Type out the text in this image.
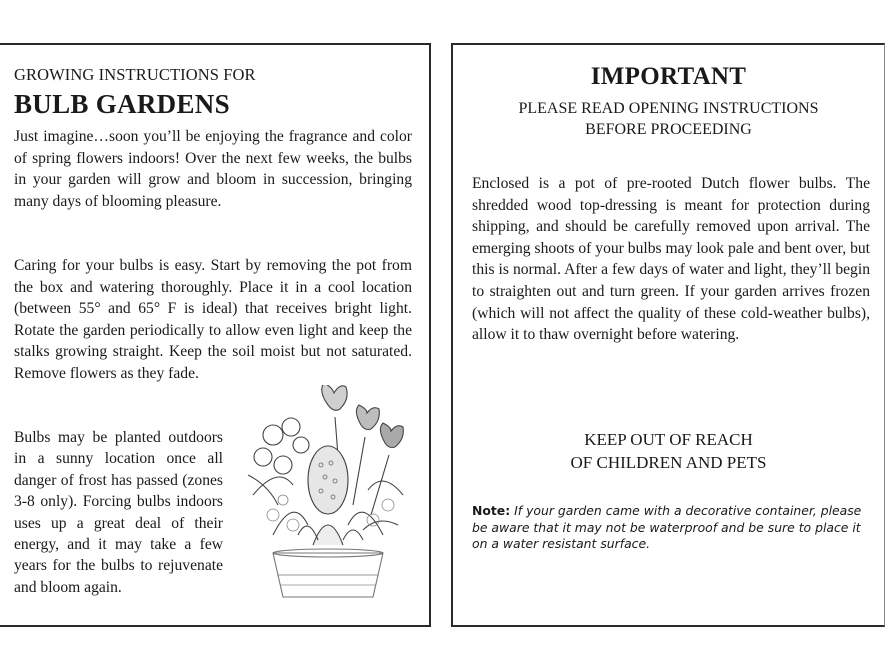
GROWING INSTRUCTIONS FOR
BULB GARDENS
Just imagine…soon you’ll be enjoying the fragrance and color of spring flowers indoors! Over the next few weeks, the bulbs in your garden will grow and bloom in succession, bringing many days of blooming pleasure.
Caring for your bulbs is easy. Start by removing the pot from the box and watering thoroughly. Place it in a cool location (between 55° and 65° F is ideal) that receives bright light. Rotate the garden periodically to allow even light and keep the stalks growing straight. Keep the soil moist but not saturated. Remove flowers as they fade.
Bulbs may be planted outdoors in a sunny location once all danger of frost has passed (zones 3-8 only). Forcing bulbs indoors uses up a great deal of their energy, and it may take a few years for the bulbs to rejuvenate and bloom again.
IMPORTANT
PLEASE READ OPENING INSTRUCTIONS
BEFORE PROCEEDING
Enclosed is a pot of pre-rooted Dutch flower bulbs. The shredded wood top-dressing is meant for protection during shipping, and should be carefully removed upon arrival. The emerging shoots of your bulbs may look pale and bent over, but this is normal. After a few days of water and light, they’ll begin to straighten out and turn green. If your garden arrives frozen (which will not affect the quality of these cold-weather bulbs), allow it to thaw overnight before watering.
KEEP OUT OF REACH
OF CHILDREN AND PETS
Note: If your garden came with a decorative container, please be aware that it may not be waterproof and be sure to place it on a water resistant surface.
